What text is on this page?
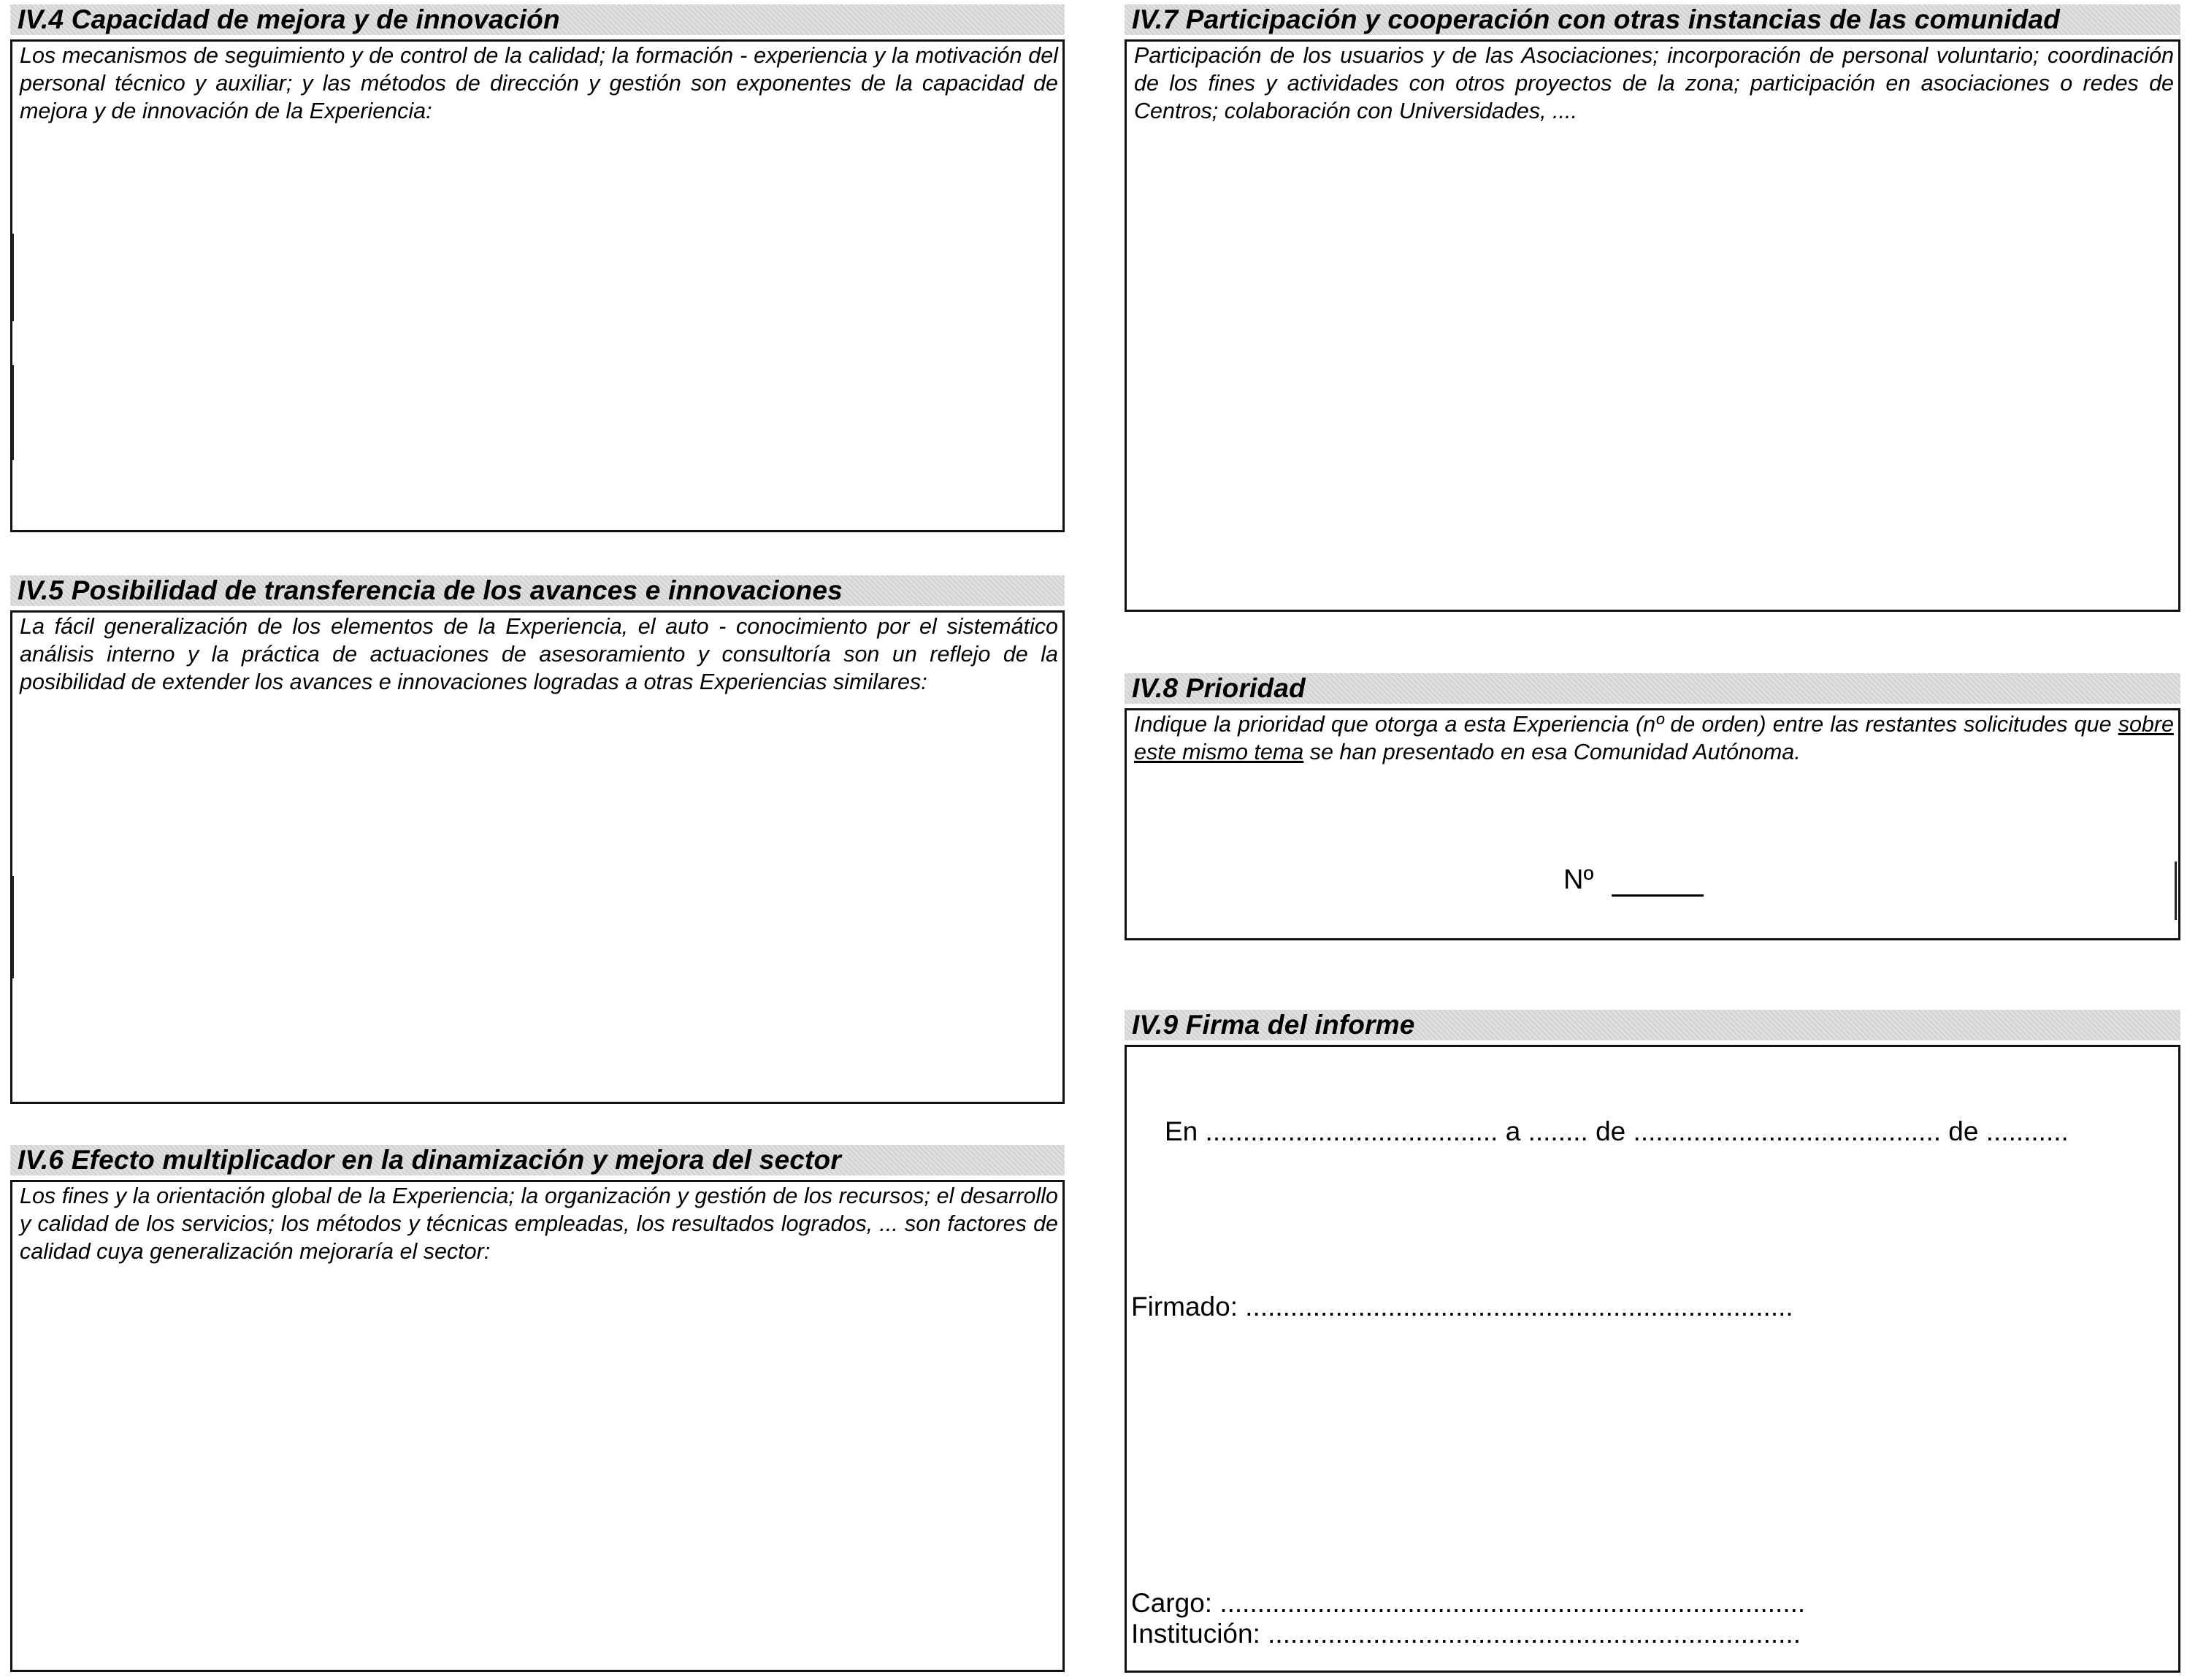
IV.4 Capacidad de mejora y de innovación
Los mecanismos de seguimiento y de control de la calidad; la formación - experiencia y la motivación del personal técnico y auxiliar; y las métodos de dirección y gestión son exponentes de la capacidad de mejora y de innovación de la Experiencia:
IV.5 Posibilidad de transferencia de los avances e innovaciones
La fácil generalización de los elementos de la Experiencia, el auto - conocimiento por el sistemático análisis interno y la práctica de actuaciones de asesoramiento y consultoría son un reflejo de la posibilidad de extender los avances e innovaciones logradas a otras Experiencias similares:
IV.6 Efecto multiplicador en la dinamización y mejora del sector
Los fines y la orientación global de la Experiencia; la organización y gestión de los recursos; el desarrollo y calidad de los servicios; los métodos y técnicas empleadas, los resultados logrados, ... son factores de calidad cuya generalización mejoraría el sector:
IV.7 Participación y cooperación con otras instancias de las comunidad
Participación de los usuarios y de las Asociaciones; incorporación de personal voluntario; coordinación de los fines y actividades con otros proyectos de la zona; participación en asociaciones o redes de Centros; colaboración con Universidades, ....
IV.8 Prioridad
Indique la prioridad que otorga a esta Experiencia (nº de orden) entre las restantes solicitudes que sobre este mismo tema se han presentado en esa Comunidad Autónoma.
Nº
IV.9 Firma del informe
En ....................................... a ........ de ......................................... de ...........
Firmado: .........................................................................
Cargo: ..............................................................................
Institución: .......................................................................
